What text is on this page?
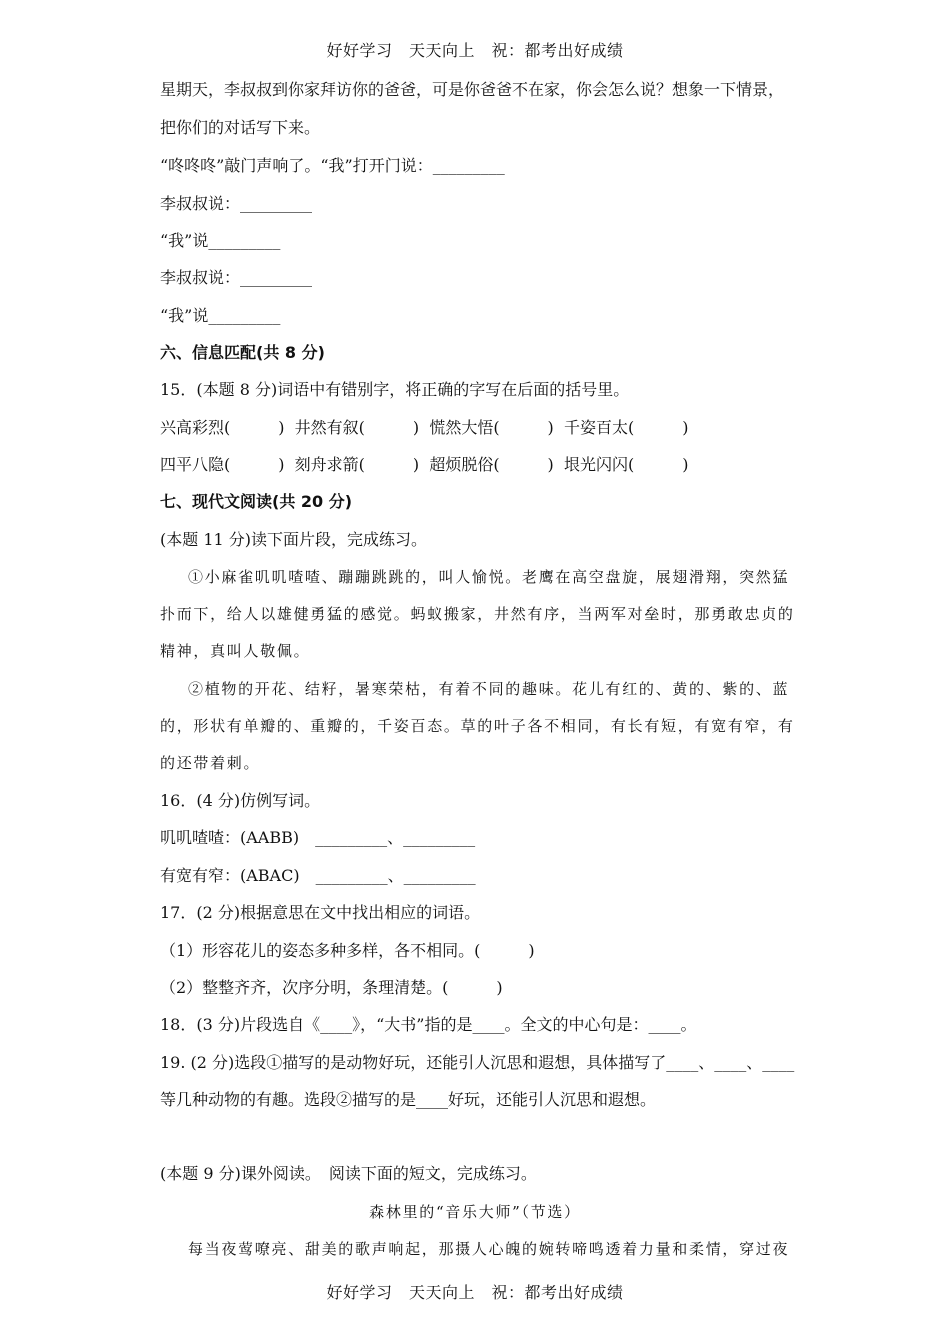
好好学习　天天向上　祝：都考出好成绩
星期天，李叔叔到你家拜访你的爸爸，可是你爸爸不在家，你会怎么说？想象一下情景，
把你们的对话写下来。
“咚咚咚”敲门声响了。“我”打开门说：_________
李叔叔说：_________
“我”说_________
李叔叔说：_________
“我”说_________
六、信息匹配(共 8 分)
15．(本题 8 分)词语中有错别字，将正确的字写在后面的括号里。
兴高彩烈(　　　)  井然有叙(　　　)  慌然大悟(　　　)  千姿百太(　　　)
四平八隐(　　　)  刻舟求箭(　　　)  超烦脱俗(　　　)  垠光闪闪(　　　)
七、现代文阅读(共 20 分)
(本题 11 分)读下面片段，完成练习。
①小麻雀叽叽喳喳、蹦蹦跳跳的，叫人愉悦。老鹰在高空盘旋，展翅滑翔，突然猛
扑而下，给人以雄健勇猛的感觉。蚂蚁搬家，井然有序，当两军对垒时，那勇敢忠贞的
精神，真叫人敬佩。
②植物的开花、结籽，暑寒荣枯，有着不同的趣味。花儿有红的、黄的、紫的、蓝
的，形状有单瓣的、重瓣的，千姿百态。草的叶子各不相同，有长有短，有宽有窄，有
的还带着刺。
16．(4 分)仿例写词。
叽叽喳喳：(AABB)　_________、_________
有宽有窄：(ABAC)　_________、_________
17．(2 分)根据意思在文中找出相应的词语。
（1）形容花儿的姿态多种多样，各不相同。(　　　)
（2）整整齐齐，次序分明，条理清楚。(　　　)
18．(3 分)片段选自《____》，“大书”指的是____。全文的中心句是：____。
19. (2 分)选段①描写的是动物好玩，还能引人沉思和遐想，具体描写了____、____、____
等几种动物的有趣。选段②描写的是____好玩，还能引人沉思和遐想。
(本题 9 分)课外阅读。　阅读下面的短文，完成练习。
森林里的“音乐大师”（节选）
每当夜莺嘹亮、甜美的歌声响起，那摄人心魄的婉转啼鸣透着力量和柔情，穿过夜
好好学习　天天向上　祝：都考出好成绩
